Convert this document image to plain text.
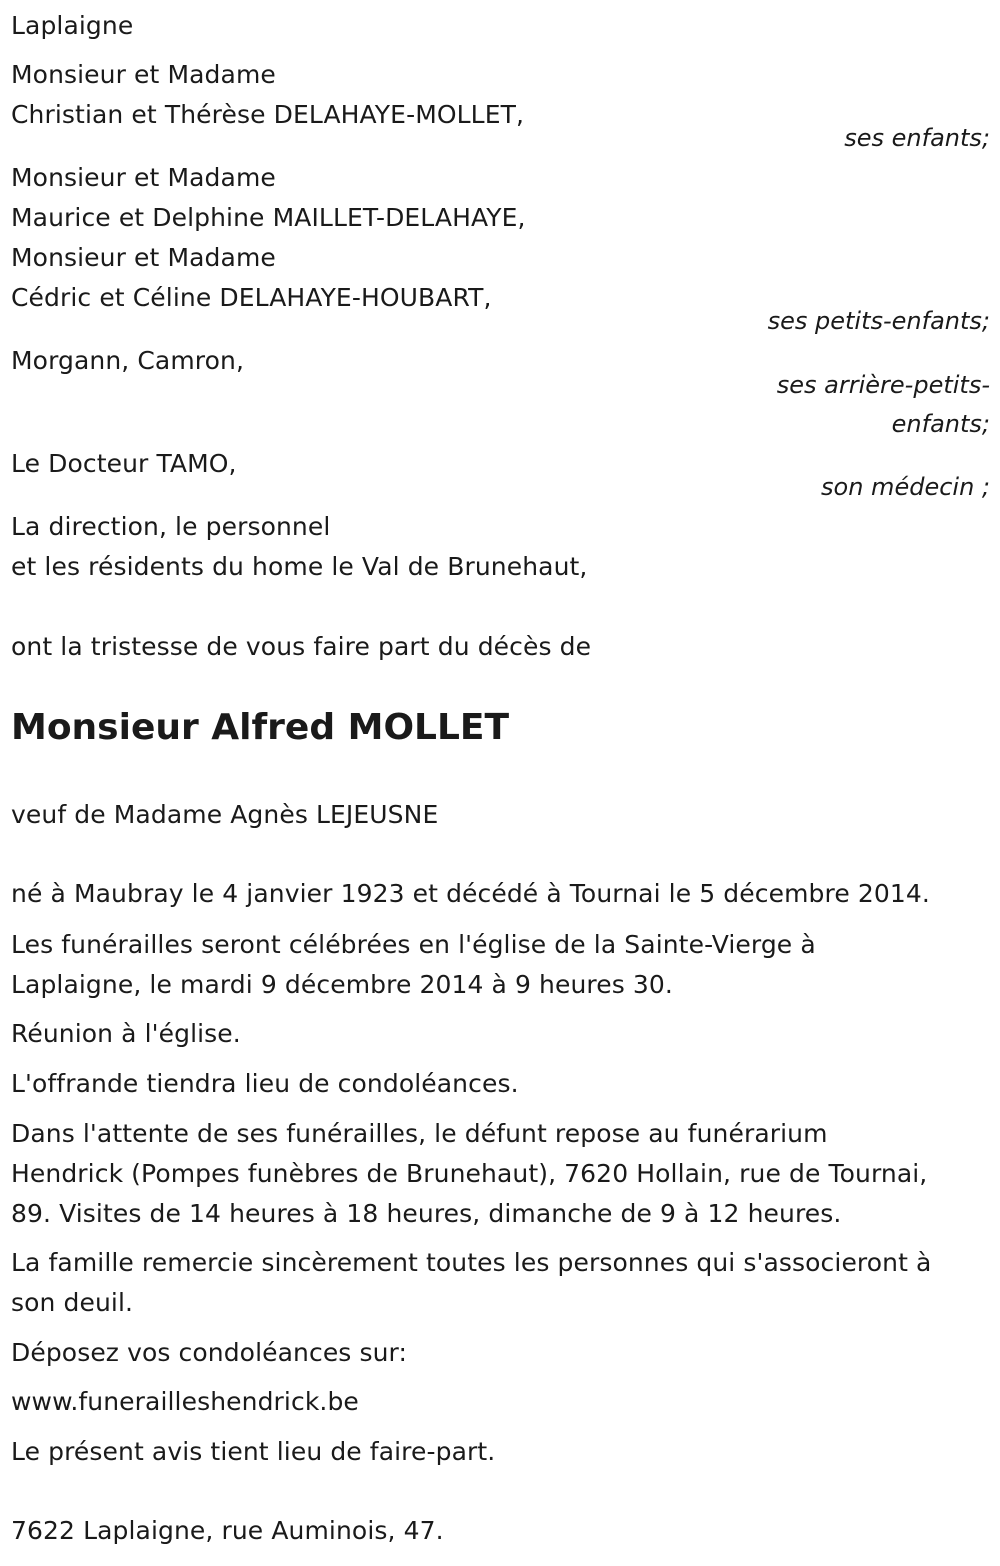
Laplaigne
Monsieur et Madame
Christian et Thérèse DELAHAYE-MOLLET,
ses enfants;
Monsieur et Madame
Maurice et Delphine MAILLET-DELAHAYE,
Monsieur et Madame
Cédric et Céline DELAHAYE-HOUBART,
ses petits-enfants;
Morgann, Camron,
ses arrière-petits-
enfants;
Le Docteur TAMO,
son médecin ;
La direction, le personnel
et les résidents du home le Val de Brunehaut,
ont la tristesse de vous faire part du décès de
Monsieur Alfred MOLLET
veuf de Madame Agnès LEJEUSNE
né à Maubray le 4 janvier 1923 et décédé à Tournai le 5 décembre 2014.
Les funérailles seront célébrées en l'église de la Sainte-Vierge à
Laplaigne, le mardi 9 décembre 2014 à 9 heures 30.
Réunion à l'église.
L'offrande tiendra lieu de condoléances.
Dans l'attente de ses funérailles, le défunt repose au funérarium
Hendrick (Pompes funèbres de Brunehaut), 7620 Hollain, rue de Tournai,
89. Visites de 14 heures à 18 heures, dimanche de 9 à 12 heures.
La famille remercie sincèrement toutes les personnes qui s'associeront à
son deuil.
Déposez vos condoléances sur:
www.funerailleshendrick.be
Le présent avis tient lieu de faire-part.
7622 Laplaigne, rue Auminois, 47.
